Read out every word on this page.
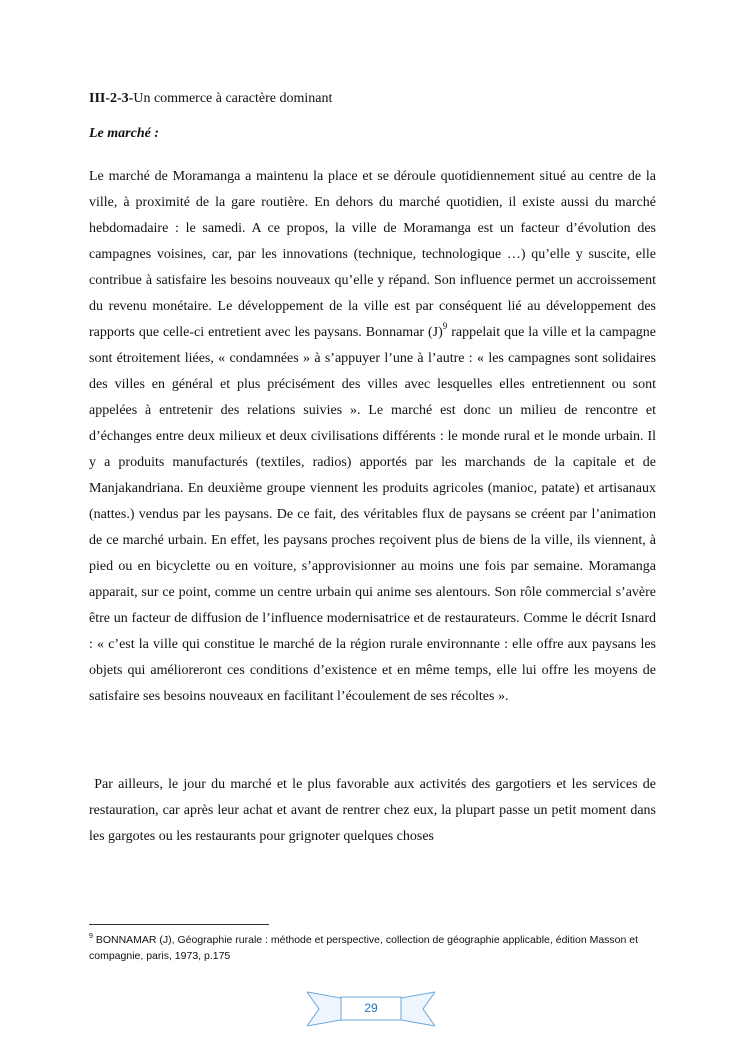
III-2-3-Un commerce à caractère dominant
Le marché :

Le marché de Moramanga a maintenu la place et se déroule quotidiennement situé au centre de la ville, à proximité de la gare routière. En dehors du marché quotidien, il existe aussi du marché hebdomadaire : le samedi. A ce propos, la ville de Moramanga est un facteur d’évolution des campagnes voisines, car, par les innovations (technique, technologique …) qu’elle y suscite, elle contribue à satisfaire les besoins nouveaux qu’elle y répand. Son influence permet un accroissement du revenu monétaire. Le développement de la ville est par conséquent lié au développement des rapports que celle-ci entretient avec les paysans. Bonnamar $(J)^9$ rappelait que la ville et la campagne sont étroitement liées, « condamnées » à s’appuyer l’une à l’autre : « les campagnes sont solidaires des villes en général et plus précisément des villes avec lesquelles elles entretiennent ou sont appelées à entretenir des relations suivies ». Le marché est donc un milieu de rencontre et d’échanges entre deux milieux et deux civilisations différents : le monde rural et le monde urbain. Il y a produits manufacturés (textiles, radios) apportés par les marchands de la capitale et de Manjakandriana. En deuxième groupe viennent les produits agricoles (manioc, patate) et artisanaux (nattes.) vendus par les paysans. De ce fait, des véritables flux de paysans se créent par l’animation de ce marché urbain. En effet, les paysans proches reçoivent plus de biens de la ville, ils viennent, à pied ou en bicyclette ou en voiture, s’approvisionner au moins une fois par semaine. Moramanga apparait, sur ce point, comme un centre urbain qui anime ses alentours. Son rôle commercial s’avère être un facteur de diffusion de l’influence modernisatrice et de restaurateurs. Comme le décrit Isnard : « c’est la ville qui constitue le marché de la région rurale environnante : elle offre aux paysans les objets qui amélioreront ces conditions d’existence et en même temps, elle lui offre les moyens de satisfaire ses besoins nouveaux en facilitant l’écoulement de ses récoltes ».

Par ailleurs, le jour du marché et le plus favorable aux activités des gargotiers et les services de restauration, car après leur achat et avant de rentrer chez eux, la plupart passe un petit moment dans les gargotes ou les restaurants pour grignoter quelques choses

$^9$ BONNAMAR (J), Géographie rurale : méthode et perspective, collection de géographie applicable, édition Masson et compagnie, paris, 1973, p.175
29
